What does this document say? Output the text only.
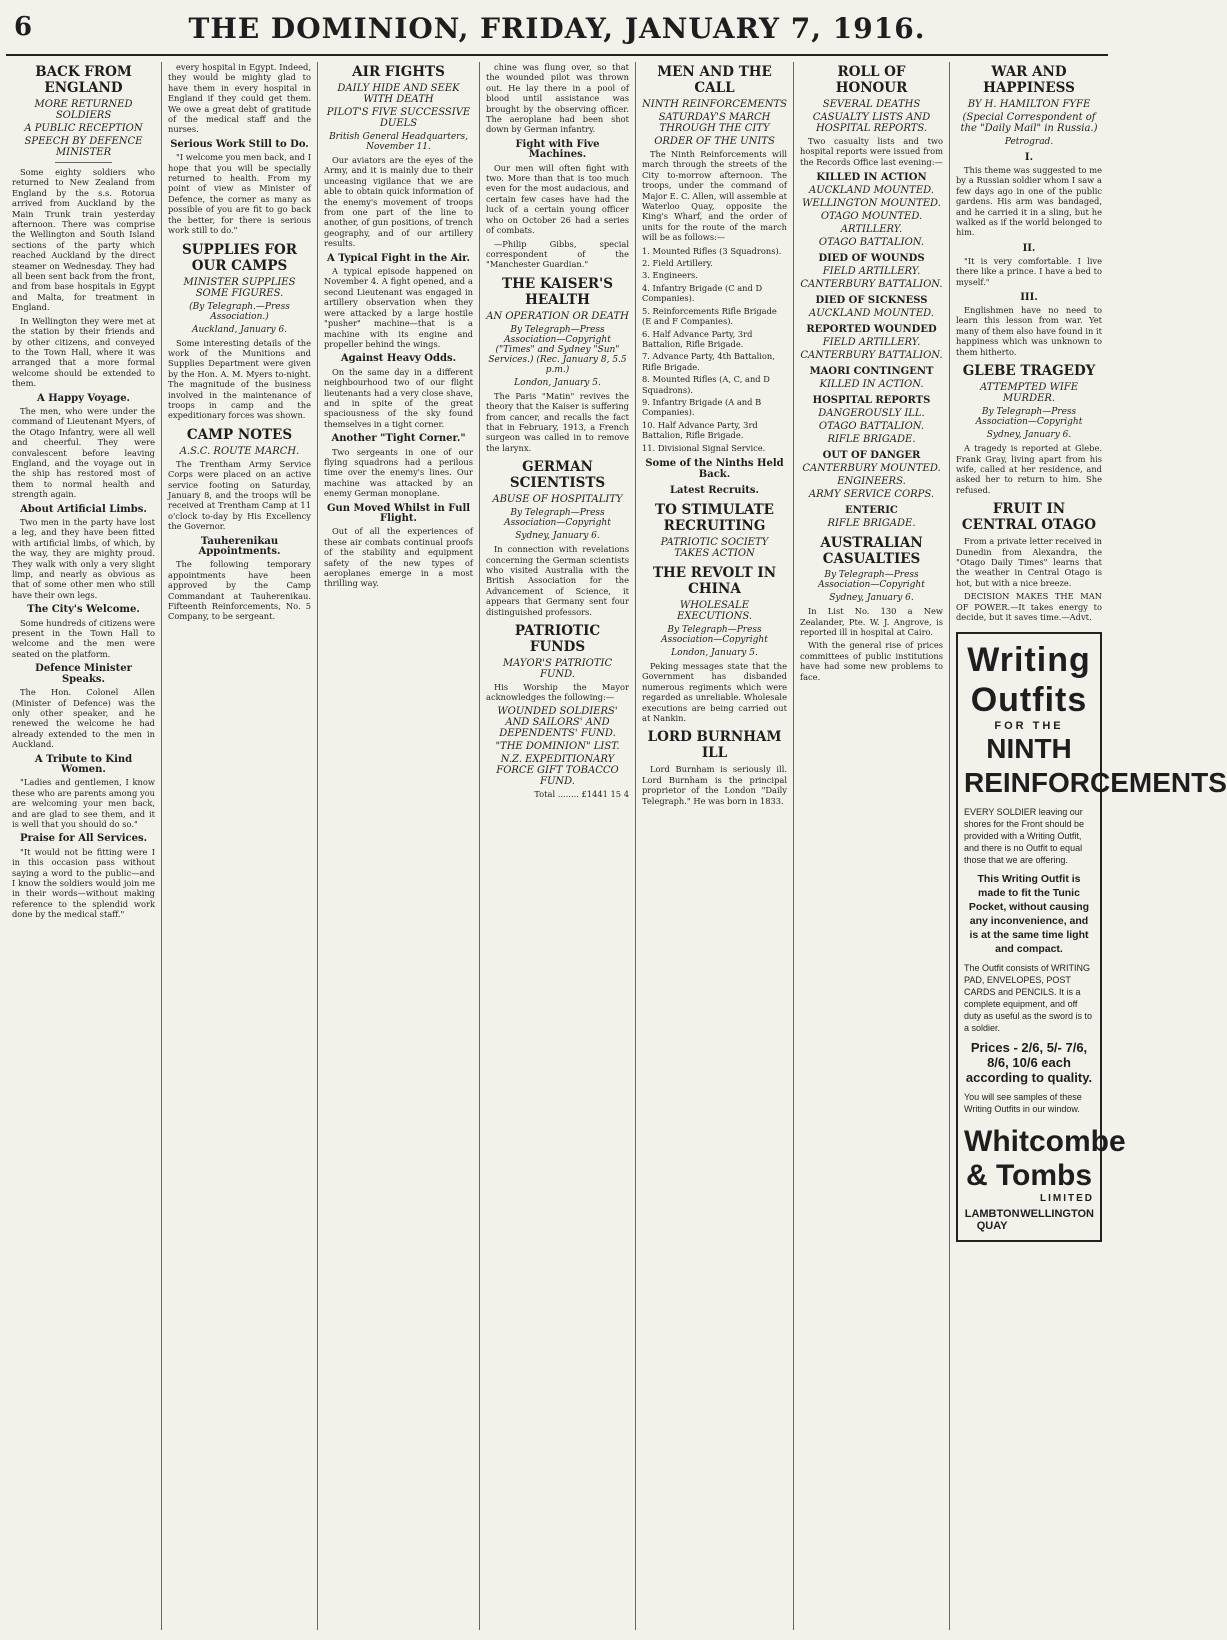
6	THE DOMINION, FRIDAY, JANUARY 7, 1916.
BACK FROM ENGLAND
MORE RETURNED SOLDIERS
A PUBLIC RECEPTION
SPEECH BY DEFENCE MINISTER

Some eighty soldiers who returned to New Zealand from England by the s.s. Rotorua arrived from Auckland by the Main Trunk train yesterday afternoon. There was comprise the Wellington and South Island sections of the party which reached Auckland by the direct steamer on Wednesday. They had all been sent back from the front, and from base hospitals in Egypt and Malta, for treatment in England.

In Wellington they were met at the station by their friends and by other citizens, and conveyed to the Town Hall, where it was arranged that a more formal welcome should be extended to them.

A Happy Voyage.

The men, who were under the command of Lieutenant Myers, of the Otago Infantry, were all well and cheerful. They were convalescent before leaving England, and the voyage out in the ship has restored most of them to normal health and strength again.

About Artificial Limbs.

Two men in the party have lost a leg, and they have been fitted with artificial limbs, of which, by the way, they are mighty proud. They walk with only a very slight limp, and nearly as obvious as that of some other men who still have their own legs.

The City's Welcome.

Some hundreds of citizens were present in the Town Hall to welcome and the men were seated on the platform.

Defence Minister Speaks.

The Hon. Colonel Allen (Minister of Defence) was the only other speaker, and he renewed the welcome he had already extended to the men in Auckland.

A Tribute to Kind Women.

"Ladies and gentlemen, I know these who are parents among you are welcoming your men back, and are glad to see them, and it is well that you should do so."

Praise for All Services.

"It would not be fitting were I in this occasion pass without saying a word to the public—and I know the soldiers would join me in their words—without making reference to the splendid work done by the medical staff."

every hospital in Egypt. Indeed, they would be mighty glad to have them in every hospital in England if they could get them. We owe a great debt of gratitude of the medical staff and the nurses.

Serious Work Still to Do.

"I welcome you men back, and I hope that you will be specially returned to health. From my point of view as Minister of Defence, the corner as many as possible of you are fit to go back the better, for there is serious work still to do."

SUPPLIES FOR OUR CAMPS
MINISTER SUPPLIES SOME FIGURES.
(By Telegraph.—Press Association.)
Auckland, January 6.

Some interesting details of the work of the Munitions and Supplies Department were given by the Hon. A. M. Myers to-night. The magnitude of the business involved in the maintenance of troops in camp and the expeditionary forces was shown.

CAMP NOTES
A.S.C. ROUTE MARCH.

The Trentham Army Service Corps were placed on an active service footing on Saturday, January 8, and the troops will be received at Trentham Camp at 11 o'clock to-day by His Excellency the Governor.

Tauherenikau Appointments.

The following temporary appointments have been approved by the Camp Commandant at Tauherenikau. Fifteenth Reinforcements, No. 5 Company, to be sergeant.

AIR FIGHTS
DAILY HIDE AND SEEK WITH DEATH
PILOT'S FIVE SUCCESSIVE DUELS
British General Headquarters, November 11.

Our aviators are the eyes of the Army, and it is mainly due to their unceasing vigilance that we are able to obtain quick information of the enemy's movement of troops from one part of the line to another, of gun positions, of trench geography, and of our artillery results.

A Typical Fight in the Air.

A typical episode happened on November 4. A fight opened, and a second Lieutenant was engaged in artillery observation when they were attacked by a large hostile "pusher" machine—that is a machine with its engine and propeller behind the wings.

Against Heavy Odds.

On the same day in a different neighbourhood two of our flight lieutenants had a very close shave, and in spite of the great spaciousness of the sky found themselves in a tight corner.

Another "Tight Corner."

Two sergeants in one of our flying squadrons had a perilous time over the enemy's lines. Our machine was attacked by an enemy German monoplane.

Gun Moved Whilst in Full Flight.

Out of all the experiences of these air combats continual proofs of the stability and equipment safety of the new types of aeroplanes emerge in a most thrilling way.

chine was flung over, so that the wounded pilot was thrown out. He lay there in a pool of blood until assistance was brought by the observing officer. The aeroplane had been shot down by German infantry.

Fight with Five Machines.

Our men will often fight with two. More than that is too much even for the most audacious, and certain few cases have had the luck of a certain young officer who on October 26 had a series of combats.

—Philip Gibbs, special correspondent of the "Manchester Guardian."

THE KAISER'S HEALTH
AN OPERATION OR DEATH
By Telegraph—Press Association—Copyright ("Times" and Sydney "Sun" Services.) (Rec. January 8, 5.5 p.m.)
London, January 5.

The Paris "Matin" revives the theory that the Kaiser is suffering from cancer, and recalls the fact that in February, 1913, a French surgeon was called in to remove the larynx.

GERMAN SCIENTISTS
ABUSE OF HOSPITALITY
By Telegraph—Press Association—Copyright
Sydney, January 6.

In connection with revelations concerning the German scientists who visited Australia with the British Association for the Advancement of Science, it appears that Germany sent four distinguished professors.

PATRIOTIC FUNDS
MAYOR'S PATRIOTIC FUND.

His Worship the Mayor acknowledges the following:—

WOUNDED SOLDIERS' AND SAILORS' AND DEPENDENTS' FUND.
"THE DOMINION" LIST.
N.Z. EXPEDITIONARY FORCE GIFT TOBACCO FUND.

Total ........ £1441 15 4

MEN AND THE CALL
NINTH REINFORCEMENTS
SATURDAY'S MARCH THROUGH THE CITY
ORDER OF THE UNITS

The Ninth Reinforcements will march through the streets of the City to-morrow afternoon. The troops, under the command of Major E. C. Allen, will assemble at Waterloo Quay, opposite the King's Wharf, and the order of units for the route of the march will be as follows:—

1. Mounted Rifles (3 Squadrons).
2. Field Artillery.
3. Engineers.
4. Infantry Brigade (C and D Companies).
5. Reinforcements Rifle Brigade (E and F Companies).
6. Half Advance Party, 3rd Battalion, Rifle Brigade.
7. Advance Party, 4th Battalion, Rifle Brigade.
8. Mounted Rifles (A, C, and D Squadrons).
9. Infantry Brigade (A and B Companies).
10. Half Advance Party, 3rd Battalion, Rifle Brigade.
11. Divisional Signal Service.
Some of the Ninths Held Back.
Latest Recruits.
TO STIMULATE RECRUITING
PATRIOTIC SOCIETY TAKES ACTION
THE REVOLT IN CHINA
WHOLESALE EXECUTIONS.
By Telegraph—Press Association—Copyright
London, January 5.

Peking messages state that the Government has disbanded numerous regiments which were regarded as unreliable. Wholesale executions are being carried out at Nankin.

LORD BURNHAM ILL

Lord Burnham is seriously ill. Lord Burnham is the principal proprietor of the London "Daily Telegraph." He was born in 1833.

ROLL OF HONOUR
SEVERAL DEATHS
CASUALTY LISTS AND HOSPITAL REPORTS.

Two casualty lists and two hospital reports were issued from the Records Office last evening:—

KILLED IN ACTION
AUCKLAND MOUNTED.
WELLINGTON MOUNTED.
OTAGO MOUNTED.
ARTILLERY.
OTAGO BATTALION.
DIED OF WOUNDS
FIELD ARTILLERY.
CANTERBURY BATTALION.
DIED OF SICKNESS
AUCKLAND MOUNTED.
REPORTED WOUNDED
FIELD ARTILLERY.
CANTERBURY BATTALION.
MAORI CONTINGENT
KILLED IN ACTION.
HOSPITAL REPORTS
DANGEROUSLY ILL.
OTAGO BATTALION.
RIFLE BRIGADE.
OUT OF DANGER
CANTERBURY MOUNTED.
ENGINEERS.
ARMY SERVICE CORPS.
ENTERIC
RIFLE BRIGADE.
AUSTRALIAN CASUALTIES
By Telegraph—Press Association—Copyright
Sydney, January 6.

In List No. 130 a New Zealander, Pte. W. J. Angrove, is reported ill in hospital at Cairo.

With the general rise of prices committees of public institutions have had some new problems to face.

WAR AND HAPPINESS
BY H. HAMILTON FYFE
(Special Correspondent of the "Daily Mail" in Russia.)
Petrograd.
I.

This theme was suggested to me by a Russian soldier whom I saw a few days ago in one of the public gardens. His arm was bandaged, and he carried it in a sling, but he walked as if the world belonged to him.

II.

"It is very comfortable. I live there like a prince. I have a bed to myself."

III.

Englishmen have no need to learn this lesson from war. Yet many of them also have found in it happiness which was unknown to them hitherto.

GLEBE TRAGEDY
ATTEMPTED WIFE MURDER.
By Telegraph—Press Association—Copyright
Sydney, January 6.

A tragedy is reported at Glebe. Frank Gray, living apart from his wife, called at her residence, and asked her to return to him. She refused.

FRUIT IN CENTRAL OTAGO

From a private letter received in Dunedin from Alexandra, the "Otago Daily Times" learns that the weather in Central Otago is hot, but with a nice breeze.

DECISION MAKES THE MAN OF POWER.—It takes energy to decide, but it saves time.—Advt.

Writing Outfits
FOR THE
NINTH REINFORCEMENTS
EVERY SOLDIER leaving our shores for the Front should be provided with a Writing Outfit, and there is no Outfit to equal those that we are offering.
This Writing Outfit is made to fit the Tunic Pocket, without causing any inconvenience, and is at the same time light and compact.
The Outfit consists of WRITING PAD, ENVELOPES, POST CARDS and PENCILS. It is a complete equipment, and off duty as useful as the sword is to a soldier.
Prices - 2/6, 5/- 7/6, 8/6, 10/6 each according to quality.
You will see samples of these Writing Outfits in our window.
Whitcombe & Tombs
LIMITED
LAMBTON QUAY
WELLINGTON
